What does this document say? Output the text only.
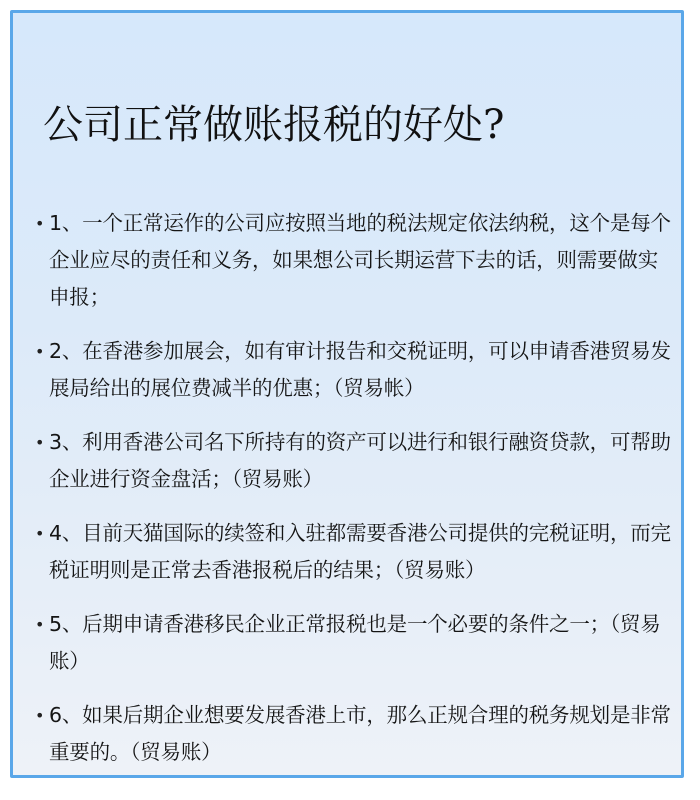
公司正常做账报税的好处?
• 1、一个正常运作的公司应按照当地的税法规定依法纳税，这个是每个企业应尽的责任和义务，如果想公司长期运营下去的话，则需要做实申报；
• 2、在香港参加展会，如有审计报告和交税证明，可以申请香港贸易发展局给出的展位费减半的优惠；（贸易帐）
• 3、利用香港公司名下所持有的资产可以进行和银行融资贷款，可帮助企业进行资金盘活；（贸易账）
• 4、目前天猫国际的续签和入驻都需要香港公司提供的完税证明，而完税证明则是正常去香港报税后的结果；（贸易账）
• 5、后期申请香港移民企业正常报税也是一个必要的条件之一；（贸易账）
• 6、如果后期企业想要发展香港上市，那么正规合理的税务规划是非常重要的。（贸易账）
